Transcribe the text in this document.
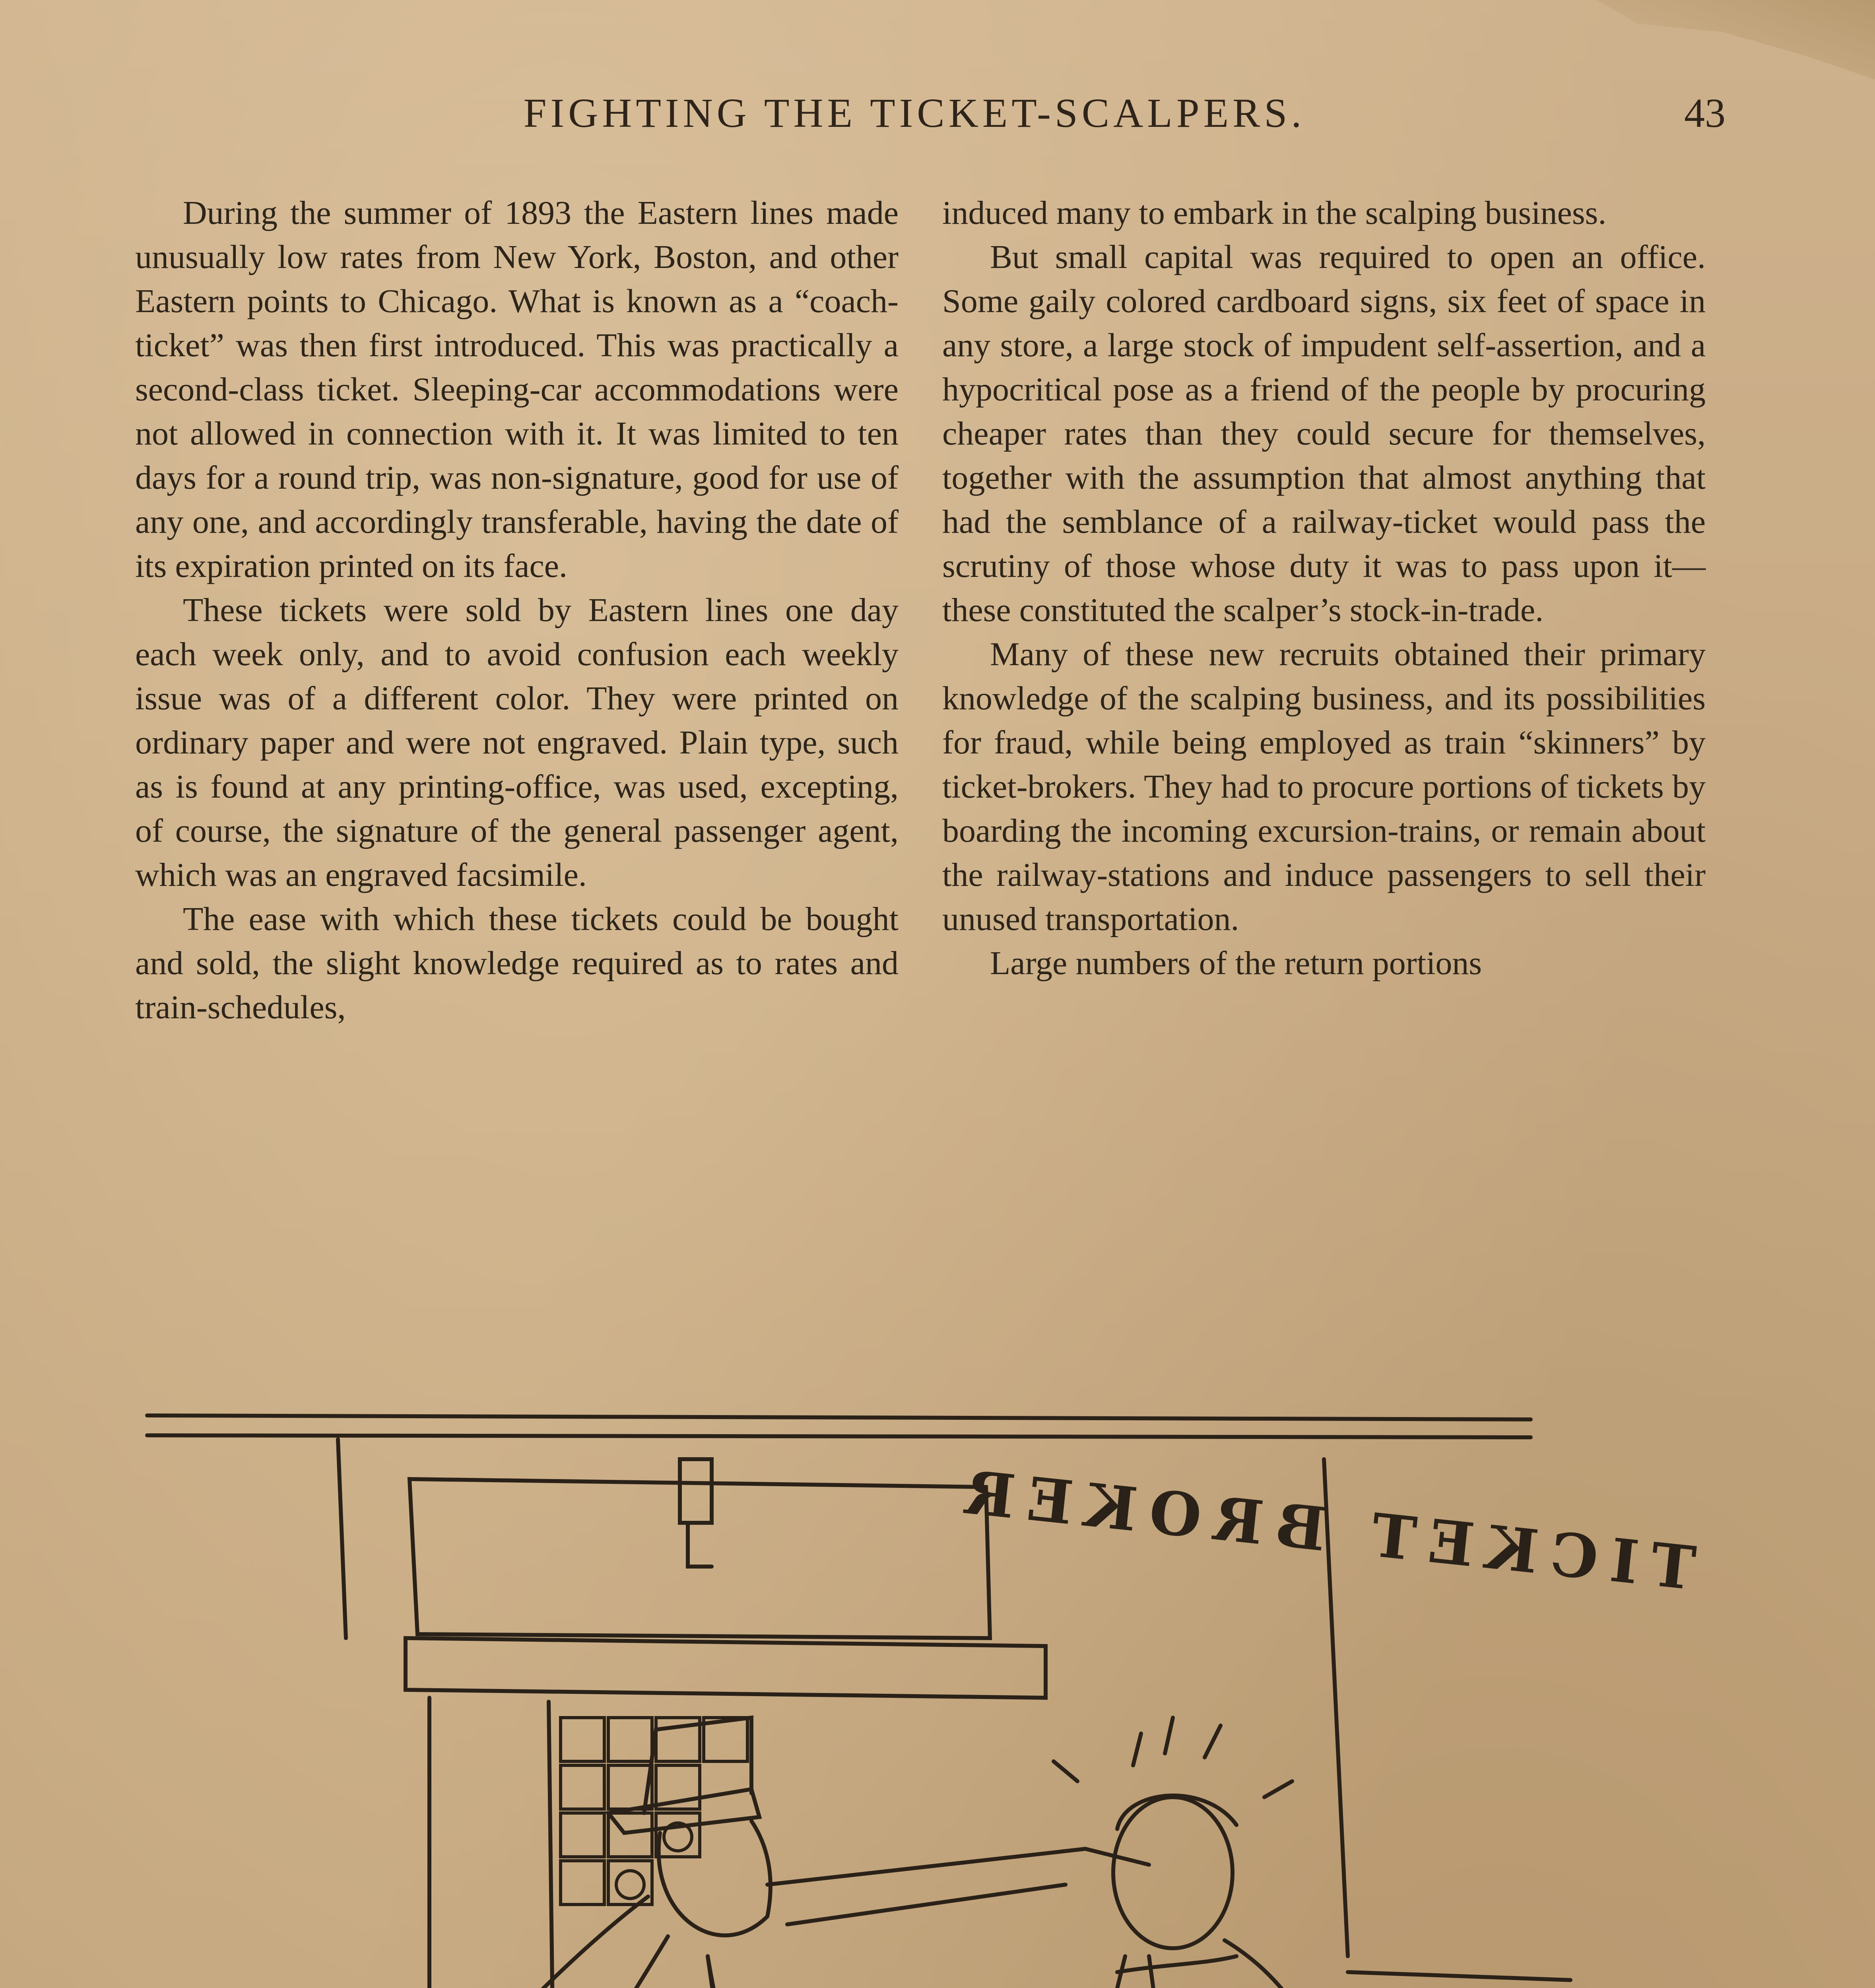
FIGHTING THE TICKET-SCALPERS.	43

During the summer of 1893 the Eastern lines made unusually low rates from New York, Boston, and other Eastern points to Chicago. What is known as a “coach-ticket” was then first introduced. This was practically a second-class ticket. Sleeping-car accommodations were not allowed in connection with it. It was limited to ten days for a round trip, was non-signature, good for use of any one, and accordingly transferable, having the date of its expiration printed on its face.

These tickets were sold by Eastern lines one day each week only, and to avoid confusion each weekly issue was of a different color. They were printed on ordinary paper and were not engraved. Plain type, such as is found at any printing-office, was used, excepting, of course, the signature of the general passenger agent, which was an engraved facsimile.

The ease with which these tickets could be bought and sold, the slight knowledge required as to rates and train-schedules,

induced many to embark in the scalping business.

But small capital was required to open an office. Some gaily colored cardboard signs, six feet of space in any store, a large stock of impudent self-assertion, and a hypocritical pose as a friend of the people by procuring cheaper rates than they could secure for themselves, together with the assumption that almost anything that had the semblance of a railway-ticket would pass the scrutiny of those whose duty it was to pass upon it—these constituted the scalper’s stock-in-trade.

Many of these new recruits obtained their primary knowledge of the scalping business, and its possibilities for fraud, while being employed as train “skinners” by ticket-brokers. They had to procure portions of tickets by boarding the incoming excursion-trains, or remain about the railway-stations and induce passengers to sell their unused transportation.

Large numbers of the return portions

TICKET BROKER
